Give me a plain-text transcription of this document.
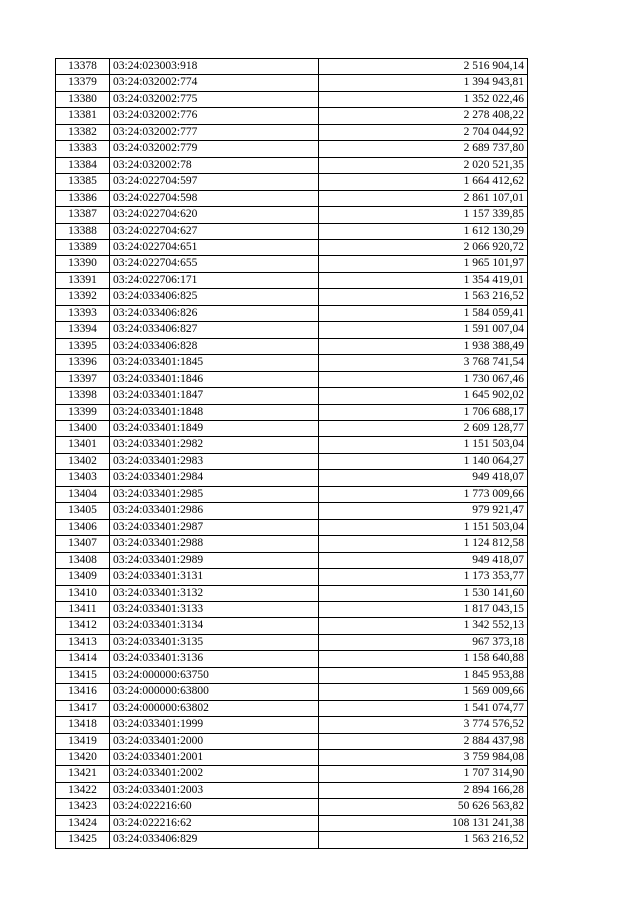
13378	03:24:023003:918	2 516 904,14
13379	03:24:032002:774	1 394 943,81
13380	03:24:032002:775	1 352 022,46
13381	03:24:032002:776	2 278 408,22
13382	03:24:032002:777	2 704 044,92
13383	03:24:032002:779	2 689 737,80
13384	03:24:032002:78	2 020 521,35
13385	03:24:022704:597	1 664 412,62
13386	03:24:022704:598	2 861 107,01
13387	03:24:022704:620	1 157 339,85
13388	03:24:022704:627	1 612 130,29
13389	03:24:022704:651	2 066 920,72
13390	03:24:022704:655	1 965 101,97
13391	03:24:022706:171	1 354 419,01
13392	03:24:033406:825	1 563 216,52
13393	03:24:033406:826	1 584 059,41
13394	03:24:033406:827	1 591 007,04
13395	03:24:033406:828	1 938 388,49
13396	03:24:033401:1845	3 768 741,54
13397	03:24:033401:1846	1 730 067,46
13398	03:24:033401:1847	1 645 902,02
13399	03:24:033401:1848	1 706 688,17
13400	03:24:033401:1849	2 609 128,77
13401	03:24:033401:2982	1 151 503,04
13402	03:24:033401:2983	1 140 064,27
13403	03:24:033401:2984	949 418,07
13404	03:24:033401:2985	1 773 009,66
13405	03:24:033401:2986	979 921,47
13406	03:24:033401:2987	1 151 503,04
13407	03:24:033401:2988	1 124 812,58
13408	03:24:033401:2989	949 418,07
13409	03:24:033401:3131	1 173 353,77
13410	03:24:033401:3132	1 530 141,60
13411	03:24:033401:3133	1 817 043,15
13412	03:24:033401:3134	1 342 552,13
13413	03:24:033401:3135	967 373,18
13414	03:24:033401:3136	1 158 640,88
13415	03:24:000000:63750	1 845 953,88
13416	03:24:000000:63800	1 569 009,66
13417	03:24:000000:63802	1 541 074,77
13418	03:24:033401:1999	3 774 576,52
13419	03:24:033401:2000	2 884 437,98
13420	03:24:033401:2001	3 759 984,08
13421	03:24:033401:2002	1 707 314,90
13422	03:24:033401:2003	2 894 166,28
13423	03:24:022216:60	50 626 563,82
13424	03:24:022216:62	108 131 241,38
13425	03:24:033406:829	1 563 216,52
